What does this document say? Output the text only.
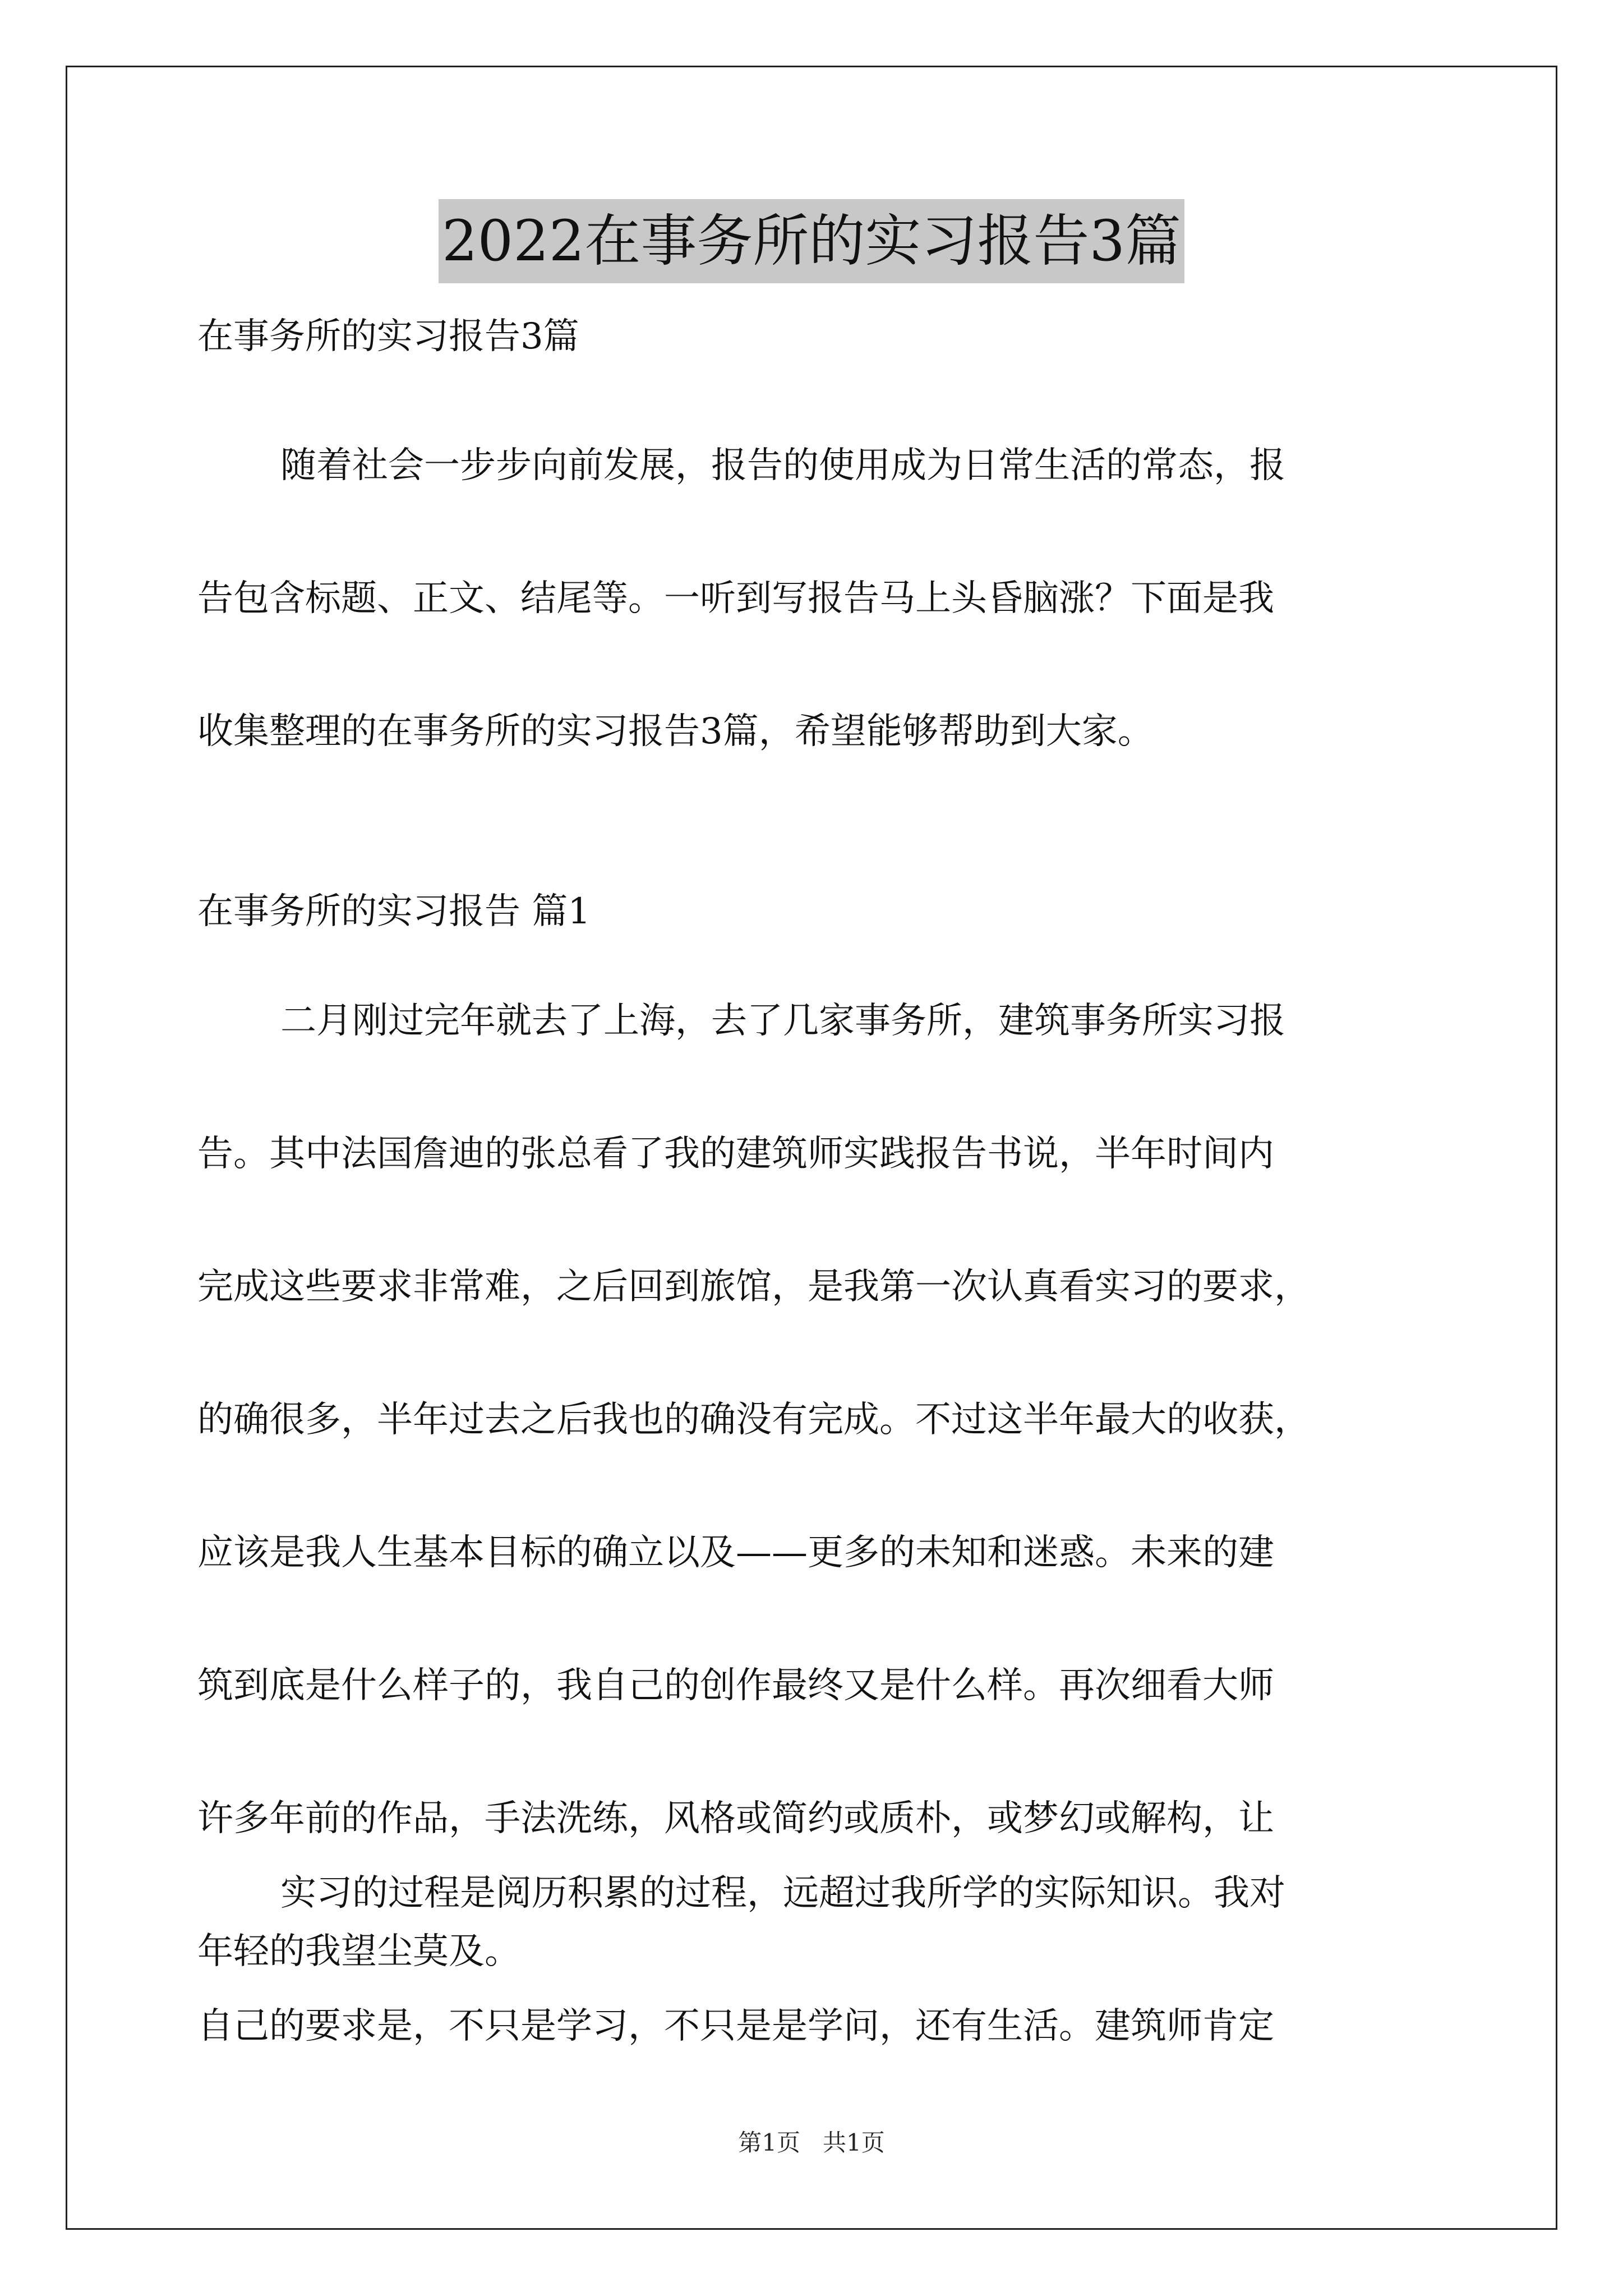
2022在事务所的实习报告3篇
在事务所的实习报告3篇
随着社会一步步向前发展，报告的使用成为日常生活的常态，报
告包含标题、正文、结尾等。一听到写报告马上头昏脑涨？下面是我
收集整理的在事务所的实习报告3篇，希望能够帮助到大家。
在事务所的实习报告 篇1
二月刚过完年就去了上海，去了几家事务所，建筑事务所实习报
告。其中法国詹迪的张总看了我的建筑师实践报告书说，半年时间内
完成这些要求非常难，之后回到旅馆，是我第一次认真看实习的要求，
的确很多，半年过去之后我也的确没有完成。不过这半年最大的收获，
应该是我人生基本目标的确立以及——更多的未知和迷惑。未来的建
筑到底是什么样子的，我自己的创作最终又是什么样。再次细看大师
许多年前的作品，手法洗练，风格或简约或质朴，或梦幻或解构，让
年轻的我望尘莫及。
实习的过程是阅历积累的过程，远超过我所学的实际知识。我对
自己的要求是，不只是学习，不只是是学问，还有生活。建筑师肯定
第1页 共1页
